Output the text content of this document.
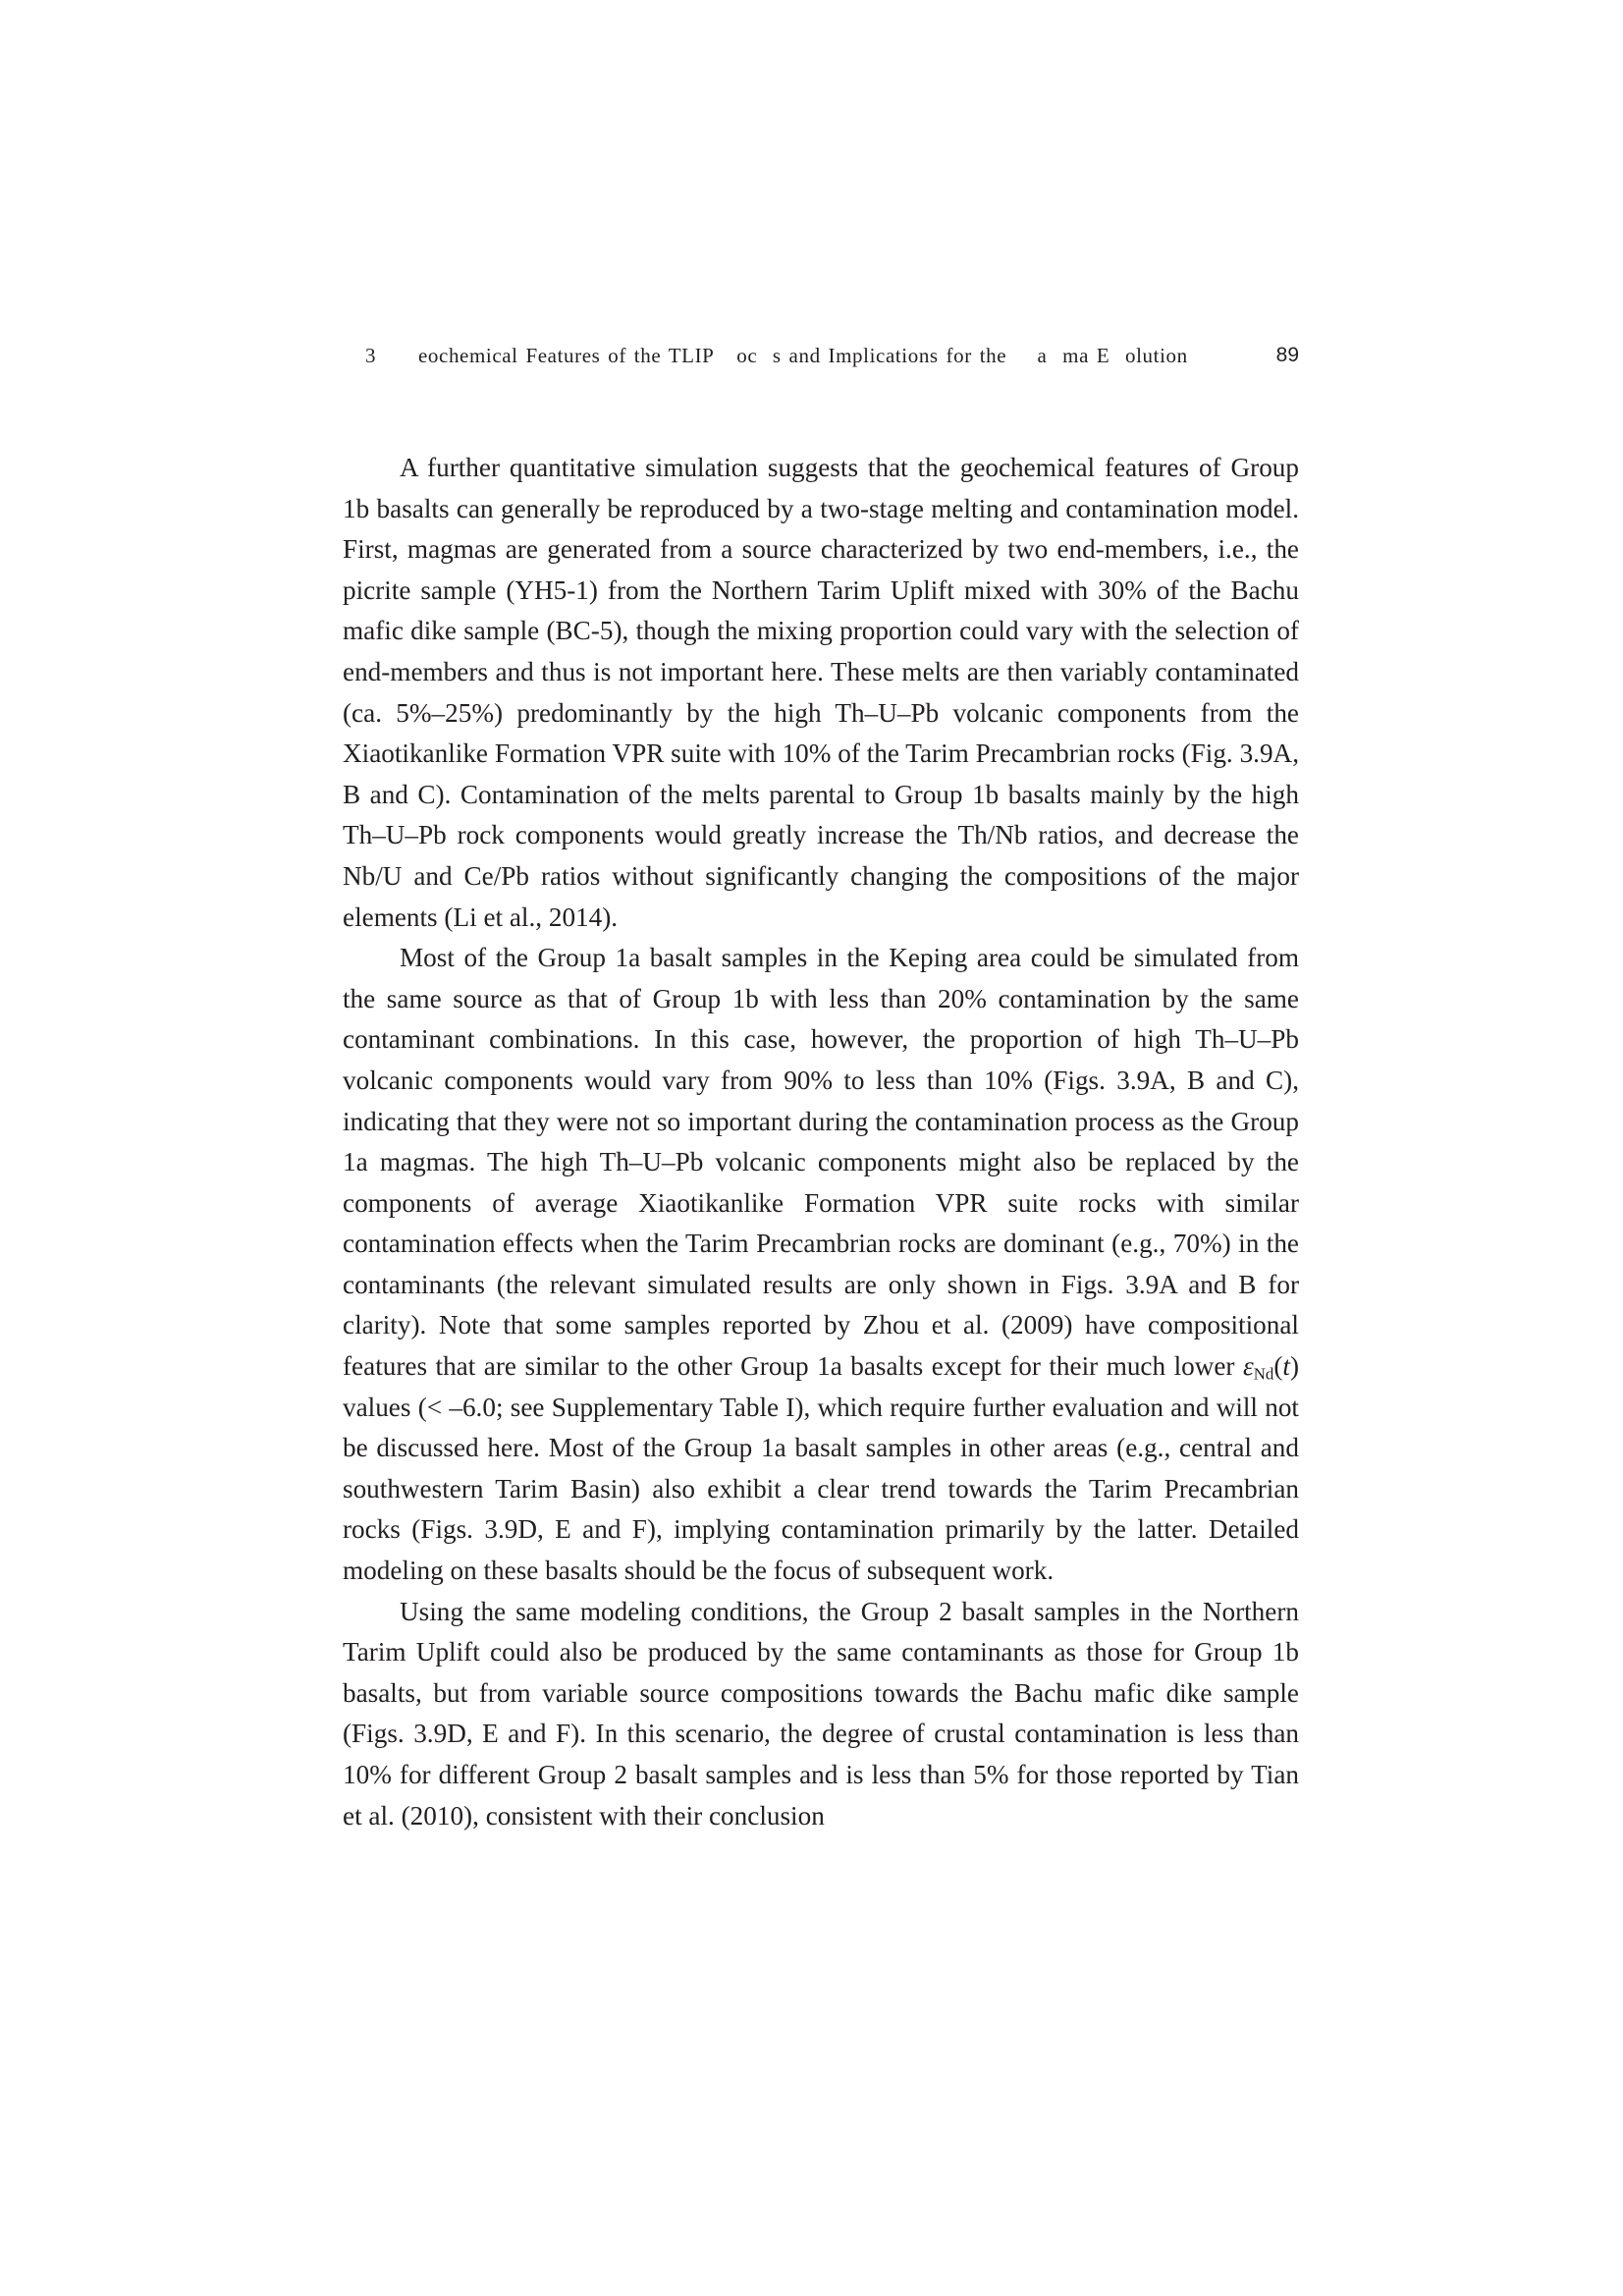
3 eochemical Features of the TLIP   oc  s and Implications for the    a  ma E  olution	89

A further quantitative simulation suggests that the geochemical features of Group 1b basalts can generally be reproduced by a two-stage melting and contamination model. First, magmas are generated from a source characterized by two end-members, i.e., the picrite sample (YH5-1) from the Northern Tarim Uplift mixed with 30% of the Bachu mafic dike sample (BC-5), though the mixing proportion could vary with the selection of end-members and thus is not important here. These melts are then variably contaminated (ca. 5%–25%) predominantly by the high Th–U–Pb volcanic components from the Xiaotikanlike Formation VPR suite with 10% of the Tarim Precambrian rocks (Fig. 3.9A, B and C). Contamination of the melts parental to Group 1b basalts mainly by the high Th–U–Pb rock components would greatly increase the Th/Nb ratios, and decrease the Nb/U and Ce/Pb ratios without significantly changing the compositions of the major elements (Li et al., 2014).

Most of the Group 1a basalt samples in the Keping area could be simulated from the same source as that of Group 1b with less than 20% contamination by the same contaminant combinations. In this case, however, the proportion of high Th–U–Pb volcanic components would vary from 90% to less than 10% (Figs. 3.9A, B and C), indicating that they were not so important during the contamination process as the Group 1a magmas. The high Th–U–Pb volcanic components might also be replaced by the components of average Xiaotikanlike Formation VPR suite rocks with similar contamination effects when the Tarim Precambrian rocks are dominant (e.g., 70%) in the contaminants (the relevant simulated results are only shown in Figs. 3.9A and B for clarity). Note that some samples reported by Zhou et al. (2009) have compositional features that are similar to the other Group 1a basalts except for their much lower $\varepsilon_{Nd}(t)$ values (< –6.0; see Supplementary Table I), which require further evaluation and will not be discussed here. Most of the Group 1a basalt samples in other areas (e.g., central and southwestern Tarim Basin) also exhibit a clear trend towards the Tarim Precambrian rocks (Figs. 3.9D, E and F), implying contamination primarily by the latter. Detailed modeling on these basalts should be the focus of subsequent work.

Using the same modeling conditions, the Group 2 basalt samples in the Northern Tarim Uplift could also be produced by the same contaminants as those for Group 1b basalts, but from variable source compositions towards the Bachu mafic dike sample (Figs. 3.9D, E and F). In this scenario, the degree of crustal contamination is less than 10% for different Group 2 basalt samples and is less than 5% for those reported by Tian et al. (2010), consistent with their conclusion
